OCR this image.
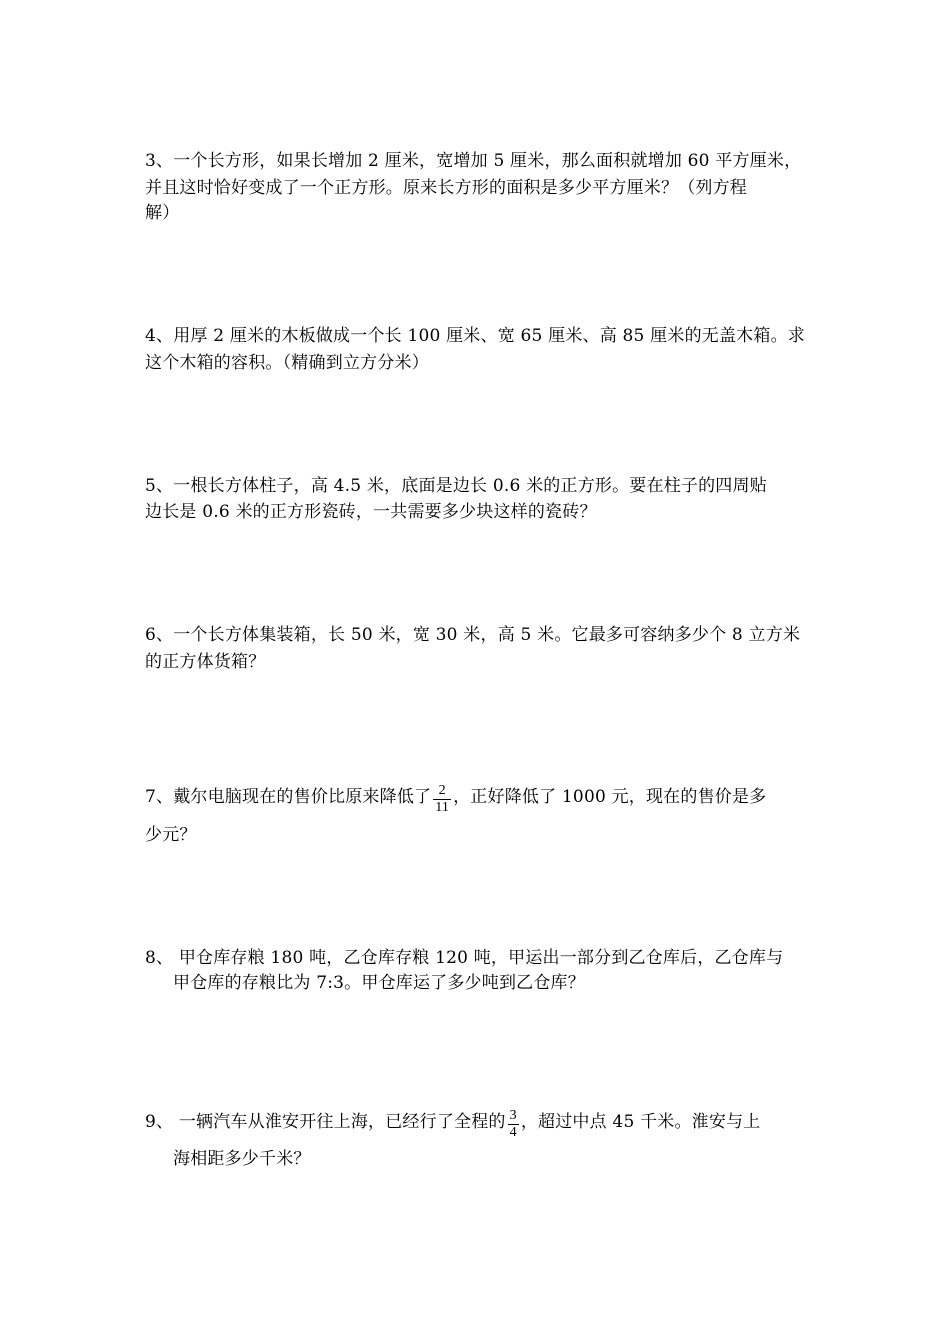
3、一个长方形，如果长增加 2 厘米，宽增加 5 厘米，那么面积就增加 60 平方厘米，
并且这时恰好变成了一个正方形。原来长方形的面积是多少平方厘米？（列方程
解）
4、用厚 2 厘米的木板做成一个长 100 厘米、宽 65 厘米、高 85 厘米的无盖木箱。求
这个木箱的容积。（精确到立方分米）
5、一根长方体柱子，高 4.5 米，底面是边长 0.6 米的正方形。要在柱子的四周贴
边长是 0.6 米的正方形瓷砖，一共需要多少块这样的瓷砖？
6、一个长方体集装箱，长 50 米，宽 30 米，高 5 米。它最多可容纳多少个 8 立方米
的正方体货箱？
7、戴尔电脑现在的售价比原来降低了 $\frac{2}{11}$ ，正好降低了 1000 元，现在的售价是多
少元？
8、 甲仓库存粮 180 吨，乙仓库存粮 120 吨，甲运出一部分到乙仓库后，乙仓库与
甲仓库的存粮比为 7:3。甲仓库运了多少吨到乙仓库？
9、 一辆汽车从淮安开往上海，已经行了全程的 $\frac{3}{4}$ ，超过中点 45 千米。淮安与上
海相距多少千米？
